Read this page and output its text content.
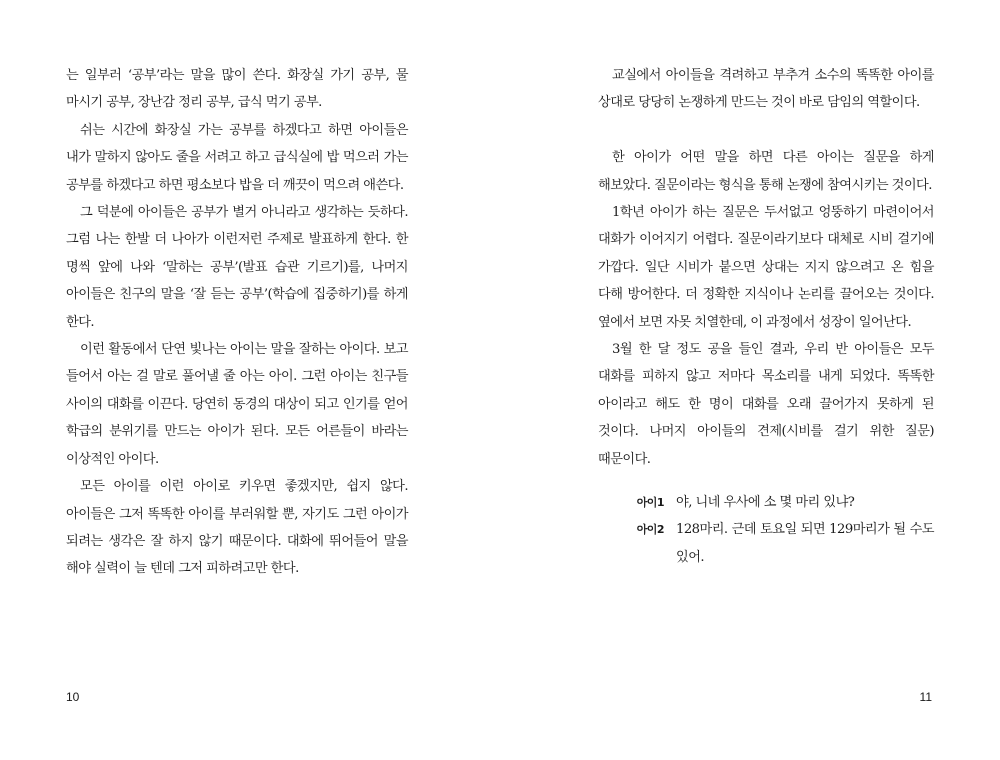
는 일부러 ‘공부’라는 말을 많이 쓴다. 화장실 가기 공부, 물 마시기 공부, 장난감 정리 공부, 급식 먹기 공부.

쉬는 시간에 화장실 가는 공부를 하겠다고 하면 아이들은 내가 말하지 않아도 줄을 서려고 하고 급식실에 밥 먹으러 가는 공부를 하겠다고 하면 평소보다 밥을 더 깨끗이 먹으려 애쓴다.

그 덕분에 아이들은 공부가 별거 아니라고 생각하는 듯하다. 그럼 나는 한발 더 나아가 이런저런 주제로 발표하게 한다. 한 명씩 앞에 나와 ‘말하는 공부’(발표 습관 기르기)를, 나머지 아이들은 친구의 말을 ‘잘 듣는 공부’(학습에 집중하기)를 하게 한다.

이런 활동에서 단연 빛나는 아이는 말을 잘하는 아이다. 보고 들어서 아는 걸 말로 풀어낼 줄 아는 아이. 그런 아이는 친구들 사이의 대화를 이끈다. 당연히 동경의 대상이 되고 인기를 얻어 학급의 분위기를 만드는 아이가 된다. 모든 어른들이 바라는 이상적인 아이다.

모든 아이를 이런 아이로 키우면 좋겠지만, 쉽지 않다. 아이들은 그저 똑똑한 아이를 부러워할 뿐, 자기도 그런 아이가 되려는 생각은 잘 하지 않기 때문이다. 대화에 뛰어들어 말을 해야 실력이 늘 텐데 그저 피하려고만 한다.

10

교실에서 아이들을 격려하고 부추겨 소수의 똑똑한 아이를 상대로 당당히 논쟁하게 만드는 것이 바로 담임의 역할이다.

한 아이가 어떤 말을 하면 다른 아이는 질문을 하게 해보았다. 질문이라는 형식을 통해 논쟁에 참여시키는 것이다.

1학년 아이가 하는 질문은 두서없고 엉뚱하기 마련이어서 대화가 이어지기 어렵다. 질문이라기보다 대체로 시비 걸기에 가깝다. 일단 시비가 붙으면 상대는 지지 않으려고 온 힘을 다해 방어한다. 더 정확한 지식이나 논리를 끌어오는 것이다. 옆에서 보면 자못 치열한데, 이 과정에서 성장이 일어난다.

3월 한 달 정도 공을 들인 결과, 우리 반 아이들은 모두 대화를 피하지 않고 저마다 목소리를 내게 되었다. 똑똑한 아이라고 해도 한 명이 대화를 오래 끌어가지 못하게 된 것이다. 나머지 아이들의 견제(시비를 걸기 위한 질문) 때문이다.

아이1 야, 니네 우사에 소 몇 마리 있냐?
아이2 128마리. 근데 토요일 되면 129마리가 될 수도 있어.
11
